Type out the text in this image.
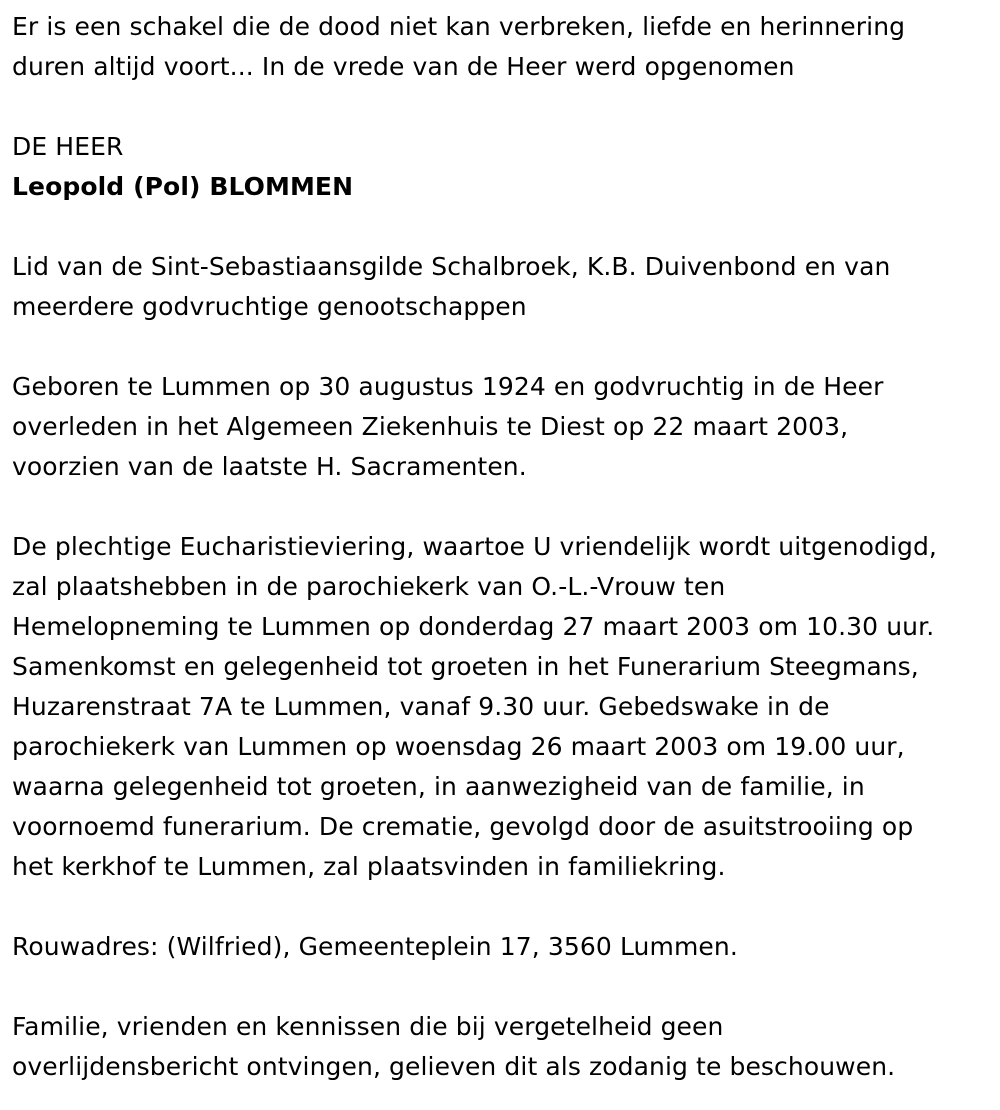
Er is een schakel die de dood niet kan verbreken, liefde en herinnering
duren altijd voort... In de vrede van de Heer werd opgenomen
DE HEER
Leopold (Pol) BLOMMEN
Lid van de Sint-Sebastiaansgilde Schalbroek, K.B. Duivenbond en van
meerdere godvruchtige genootschappen
Geboren te Lummen op 30 augustus 1924 en godvruchtig in de Heer
overleden in het Algemeen Ziekenhuis te Diest op 22 maart 2003,
voorzien van de laatste H. Sacramenten.
De plechtige Eucharistieviering, waartoe U vriendelijk wordt uitgenodigd,
zal plaatshebben in de parochiekerk van O.-L.-Vrouw ten
Hemelopneming te Lummen op donderdag 27 maart 2003 om 10.30 uur.
Samenkomst en gelegenheid tot groeten in het Funerarium Steegmans,
Huzarenstraat 7A te Lummen, vanaf 9.30 uur. Gebedswake in de
parochiekerk van Lummen op woensdag 26 maart 2003 om 19.00 uur,
waarna gelegenheid tot groeten, in aanwezigheid van de familie, in
voornoemd funerarium. De crematie, gevolgd door de asuitstrooiing op
het kerkhof te Lummen, zal plaatsvinden in familiekring.
Rouwadres: (Wilfried), Gemeenteplein 17, 3560 Lummen.
Familie, vrienden en kennissen die bij vergetelheid geen
overlijdensbericht ontvingen, gelieven dit als zodanig te beschouwen.
